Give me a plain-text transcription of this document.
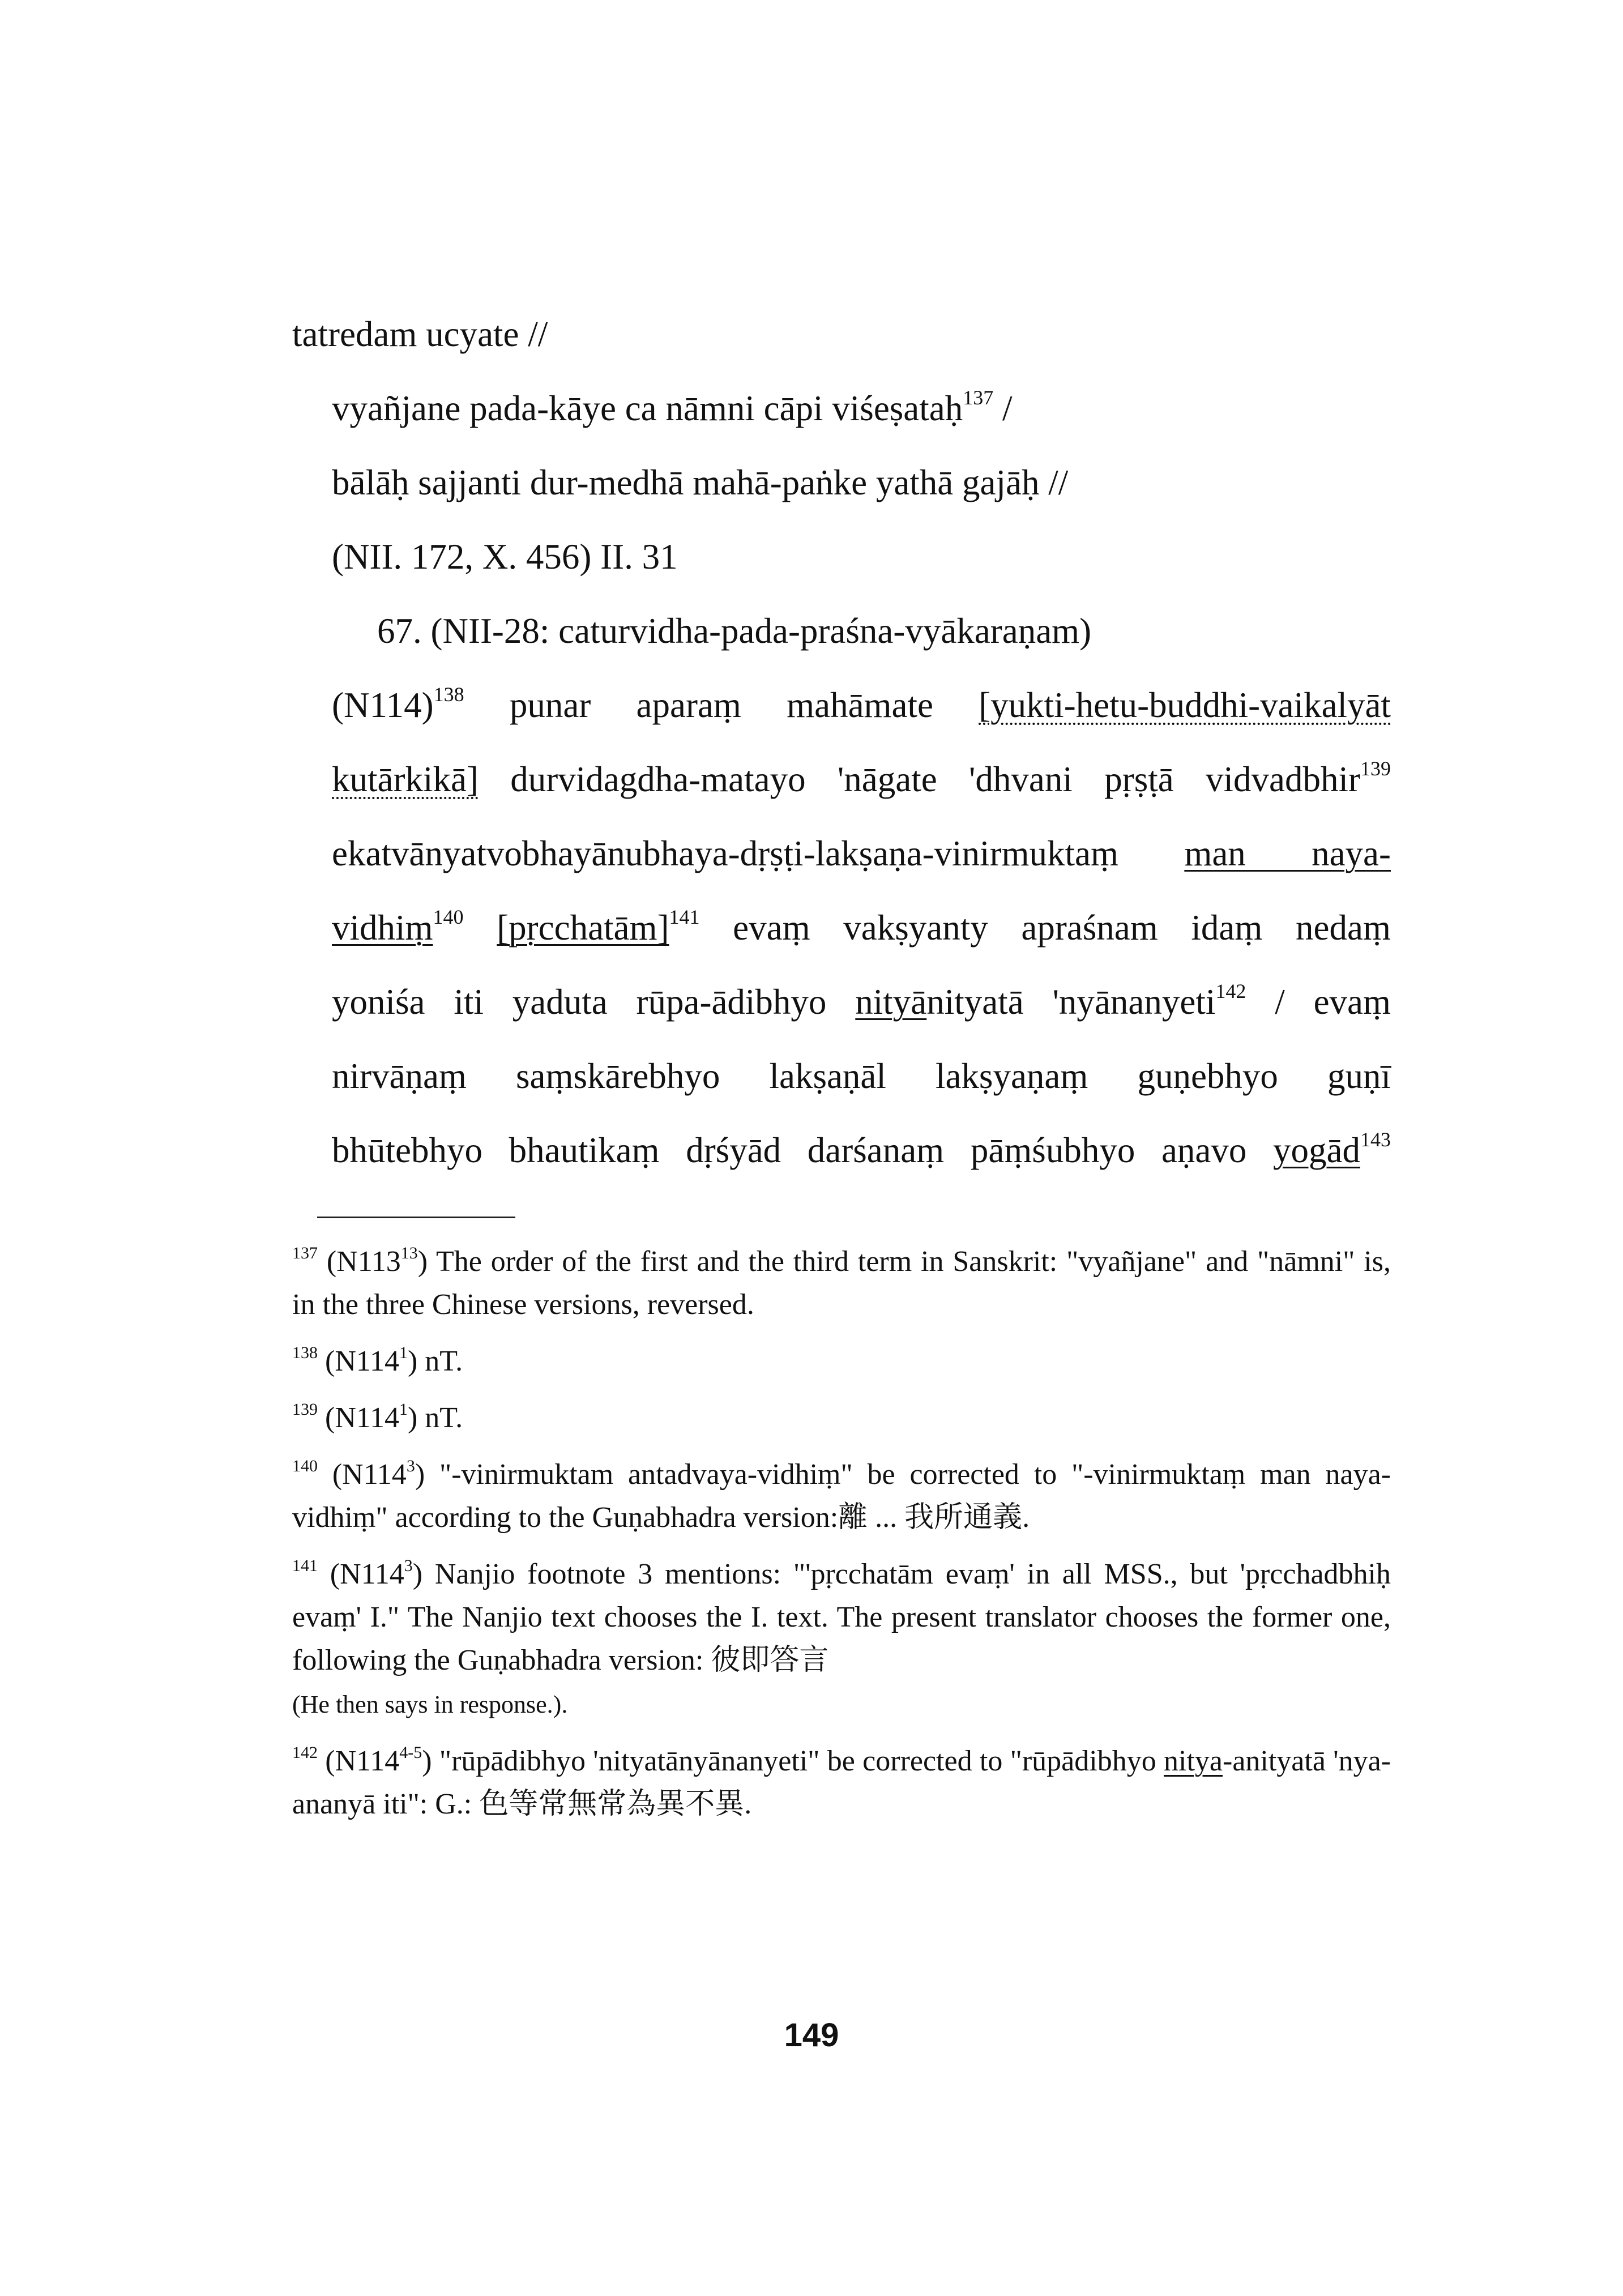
tatredam ucyate //
vyañjane pada-kāye ca nāmni cāpi viśeṣataḥ$^{137}$ /
bālāḥ sajjanti dur-medhā mahā-paṅke yathā gajāḥ //
(NII. 172, X. 456) II. 31
67. (NII-28: caturvidha-pada-praśna-vyākaraṇam)
$(N114)^{138}$ punar aparaṃ mahāmate [yukti-hetu-buddhi-vaikalyāt
kutārkikā] durvidagdha-matayo 'nāgate 'dhvani pṛṣṭā vidvadbhir$^{139}$
ekatvānyatvobhayānubhaya-dṛṣṭi-lakṣaṇa-vinirmuktaṃ man naya-
vidhiṃ$^{140}$ [pṛcchatām]$^{141}$ evaṃ vakṣyanty apraśnam idaṃ nedaṃ
yoniśa iti yaduta rūpa-ādibhyo nityānityatā 'nyānanyeti$^{142}$ / evaṃ
nirvāṇaṃ saṃskārebhyo lakṣaṇāl lakṣyaṇaṃ guṇebhyo guṇī
bhūtebhyo bhautikaṃ dṛśyād darśanaṃ pāṃśubhyo aṇavo yogād$^{143}$
$^{137}$ $(N113^{13})$ The order of the first and the third term in Sanskrit: "vyañjane" and "nāmni" is, in the three Chinese versions, reversed.
$^{138}$ $(N114^1)$ nT.
$^{139}$ $(N114^1)$ nT.
$^{140}$ $(N114^3)$ "-vinirmuktam antadvaya-vidhiṃ" be corrected to "-vinirmuktaṃ man naya-vidhiṃ" according to the Guṇabhadra version:離 ... 我所通義.
$^{141}$ $(N114^3)$ Nanjio footnote 3 mentions: "'pṛcchatām evaṃ' in all MSS., but 'pṛcchadbhiḥ evaṃ' I." The Nanjio text chooses the I. text. The present translator chooses the former one, following the Guṇabhadra version: 彼即答言
(He then says in response.).
$^{142}$ (N114$^{4-5}$) "rūpādibhyo 'nityatānyānanyeti" be corrected to "rūpādibhyo nitya-anityatā 'nya-ananyā iti": G.: 色等常無常為異不異.
149
